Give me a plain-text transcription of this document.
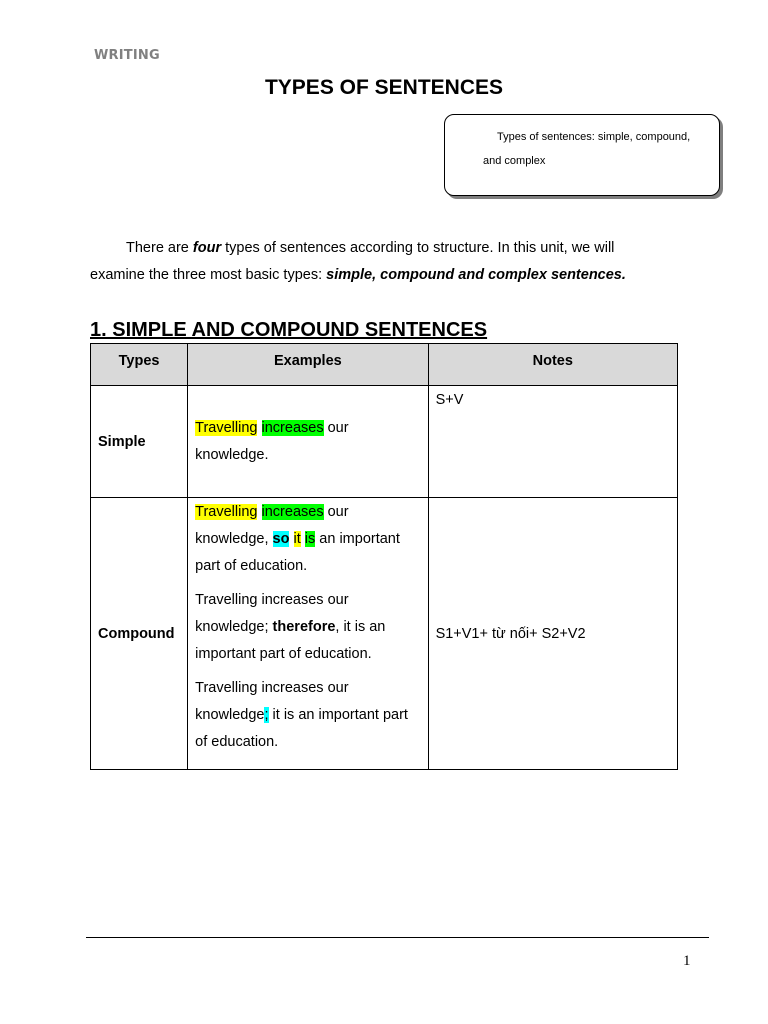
WRITING
TYPES OF SENTENCES
Types of sentences: simple, compound,
and complex
There are four types of sentences according to structure. In this unit, we will
examine the three most basic types: simple, compound and complex sentences.
1. SIMPLE AND COMPOUND SENTENCES
Types	Examples	Notes
Simple	Travelling increases our knowledge.	S+V
Compound	Travelling increases our knowledge, so it is an important part of education.

Travelling increases our knowledge; therefore, it is an important part of education.

Travelling increases our knowledge; it is an important part of education.	S1+V1+ từ nối+ S2+V2
1
